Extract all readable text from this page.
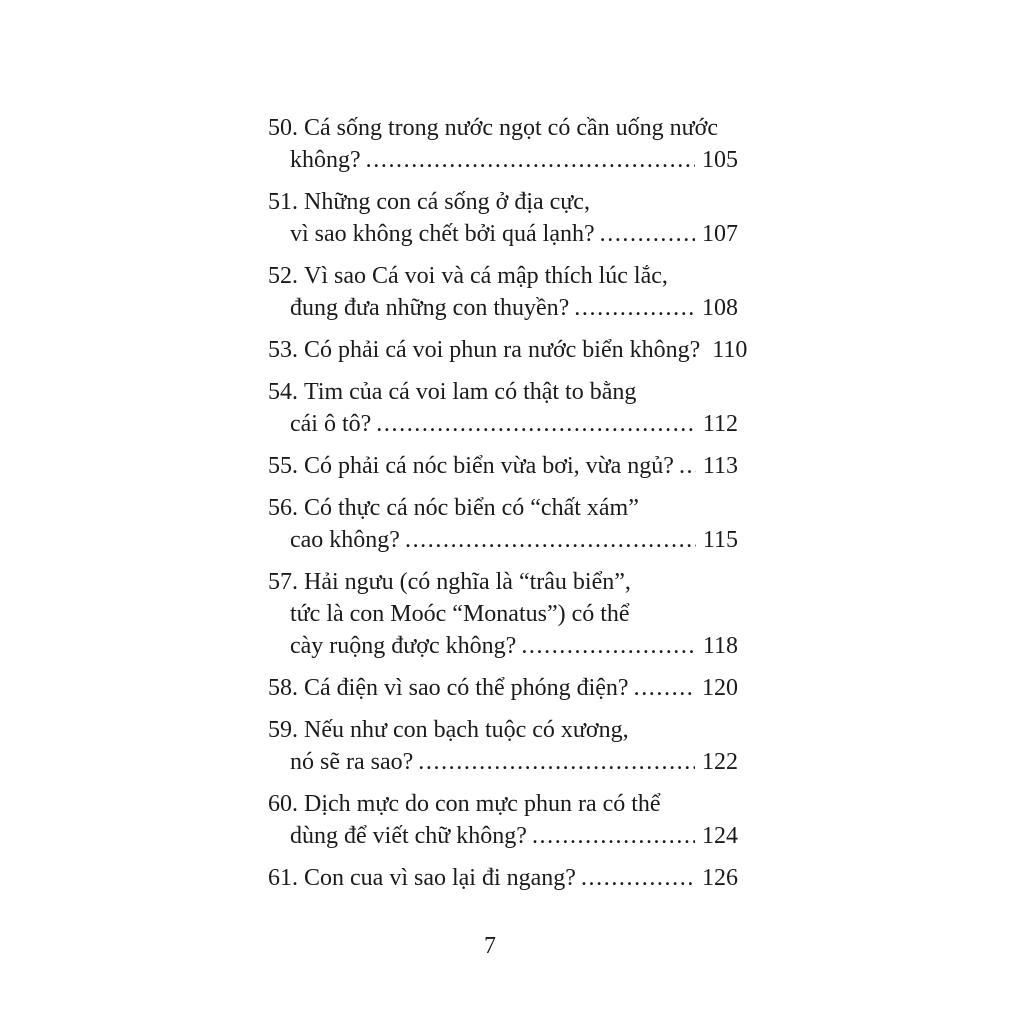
50. Cá sống trong nước ngọt có cần uống nước
không? .....	105
51. Những con cá sống ở địa cực,
vì sao không chết bởi quá lạnh? .....	107
52. Vì sao Cá voi và cá mập thích lúc lắc,
đung đưa những con thuyền? .....	108
53. Có phải cá voi phun ra nước biển không? 110
54. Tim của cá voi lam có thật to bằng
cái ô tô? .....	112
55. Có phải cá nóc biển vừa bơi, vừa ngủ? ..... 113
56. Có thực cá nóc biển có “chất xám”
cao không? .....	115
57. Hải ngưu (có nghĩa là “trâu biển”,
tức là con Moóc “Monatus”) có thể
cày ruộng được không? .....	118
58. Cá điện vì sao có thể phóng điện? .....	120
59. Nếu như con bạch tuộc có xương,
nó sẽ ra sao? .....	122
60. Dịch mực do con mực phun ra có thể
dùng để viết chữ không? .....	124
61. Con cua vì sao lại đi ngang? .....	126
7
